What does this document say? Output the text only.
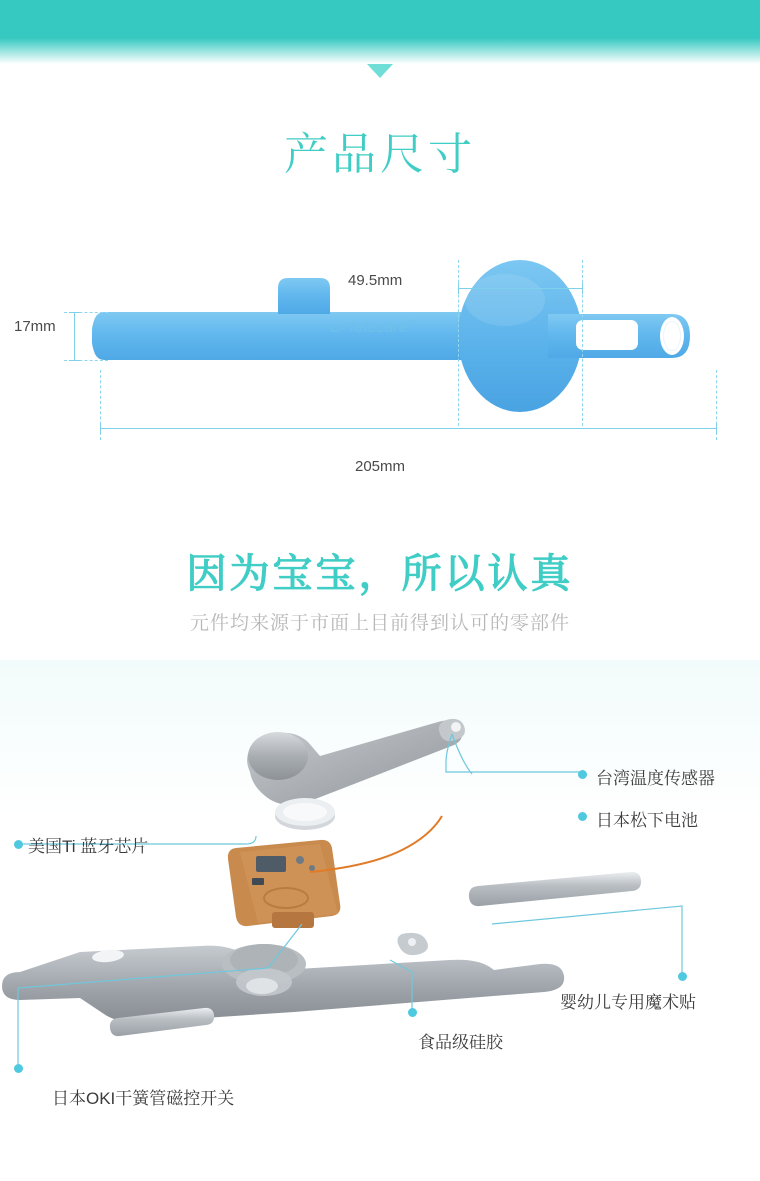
产品尺寸
U-Telecare®
17mm
49.5mm
205mm
因为宝宝，所以认真
元件均来源于市面上目前得到认可的零部件
台湾温度传感器
日本松下电池
美国Ti 蓝牙芯片
婴幼儿专用魔术贴
食品级硅胶
日本OKI干簧管磁控开关
